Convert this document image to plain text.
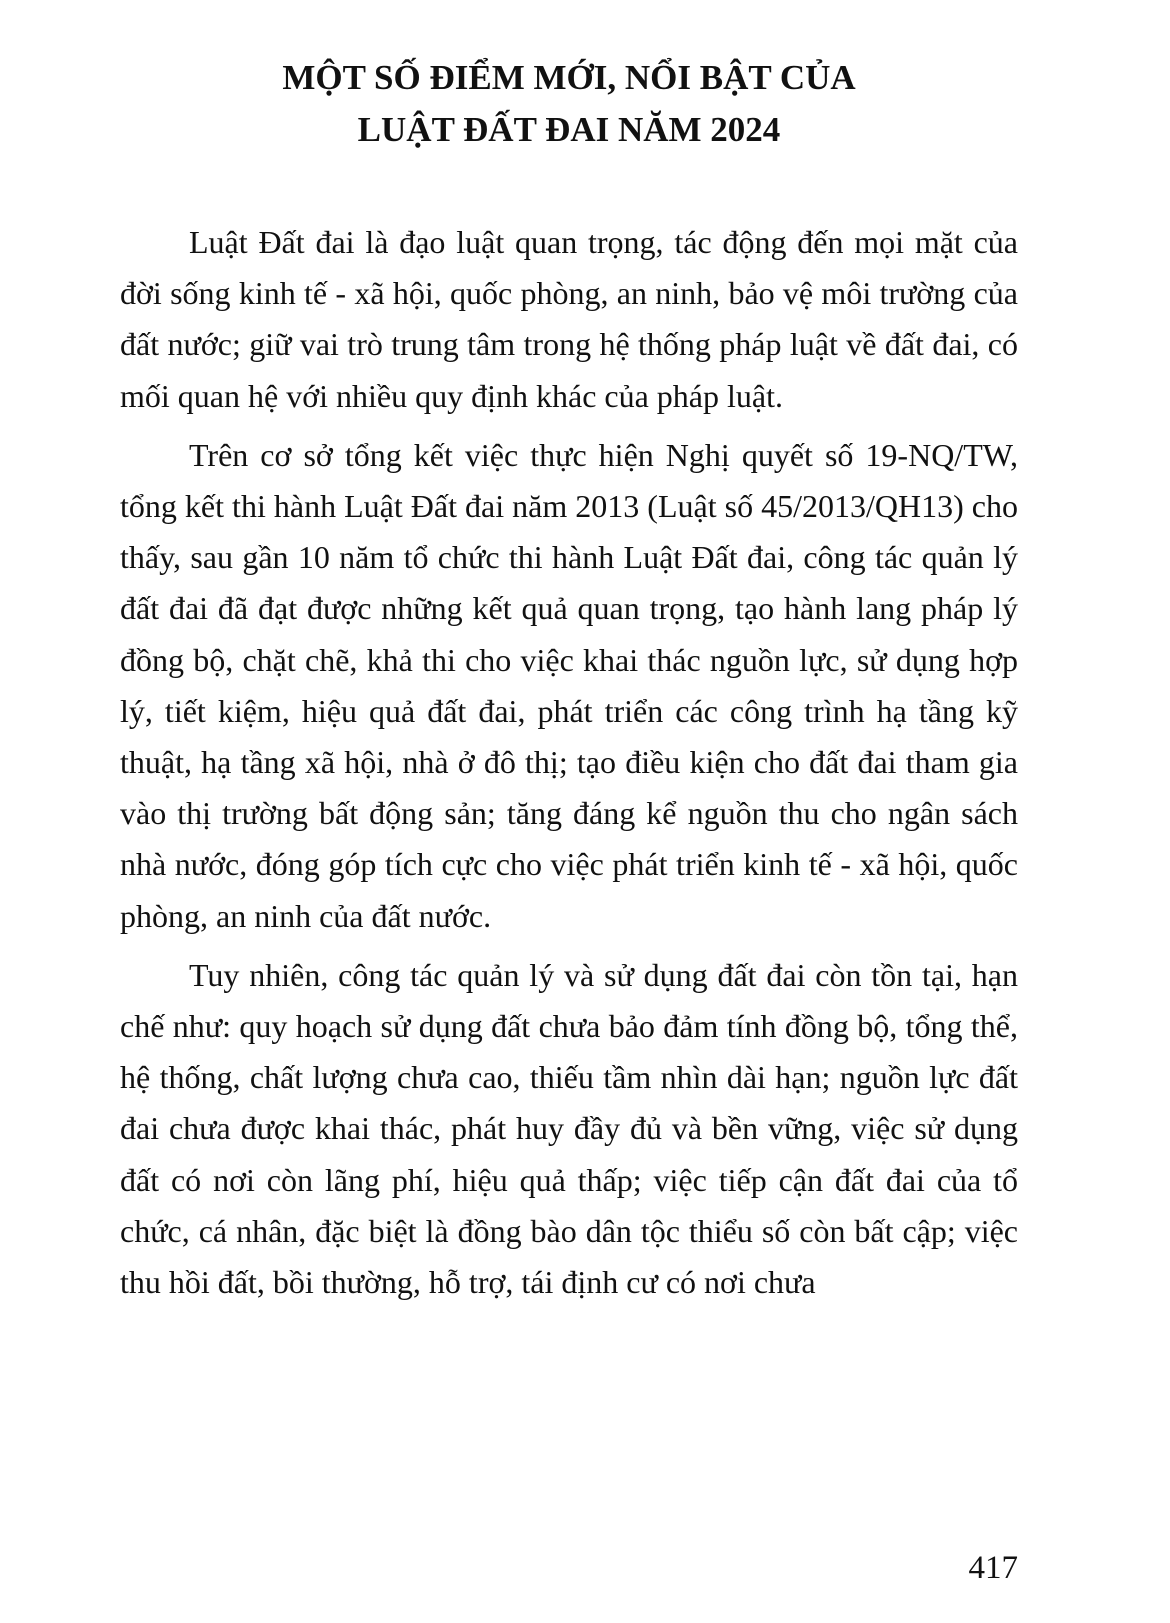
MỘT SỐ ĐIỂM MỚI, NỔI BẬT CỦA
LUẬT ĐẤT ĐAI NĂM 2024

Luật Đất đai là đạo luật quan trọng, tác động đến mọi mặt của đời sống kinh tế - xã hội, quốc phòng, an ninh, bảo vệ môi trường của đất nước; giữ vai trò trung tâm trong hệ thống pháp luật về đất đai, có mối quan hệ với nhiều quy định khác của pháp luật.

Trên cơ sở tổng kết việc thực hiện Nghị quyết số 19-NQ/TW, tổng kết thi hành Luật Đất đai năm 2013 (Luật số 45/2013/QH13) cho thấy, sau gần 10 năm tổ chức thi hành Luật Đất đai, công tác quản lý đất đai đã đạt được những kết quả quan trọng, tạo hành lang pháp lý đồng bộ, chặt chẽ, khả thi cho việc khai thác nguồn lực, sử dụng hợp lý, tiết kiệm, hiệu quả đất đai, phát triển các công trình hạ tầng kỹ thuật, hạ tầng xã hội, nhà ở đô thị; tạo điều kiện cho đất đai tham gia vào thị trường bất động sản; tăng đáng kể nguồn thu cho ngân sách nhà nước, đóng góp tích cực cho việc phát triển kinh tế - xã hội, quốc phòng, an ninh của đất nước.

Tuy nhiên, công tác quản lý và sử dụng đất đai còn tồn tại, hạn chế như: quy hoạch sử dụng đất chưa bảo đảm tính đồng bộ, tổng thể, hệ thống, chất lượng chưa cao, thiếu tầm nhìn dài hạn; nguồn lực đất đai chưa được khai thác, phát huy đầy đủ và bền vững, việc sử dụng đất có nơi còn lãng phí, hiệu quả thấp; việc tiếp cận đất đai của tổ chức, cá nhân, đặc biệt là đồng bào dân tộc thiểu số còn bất cập; việc thu hồi đất, bồi thường, hỗ trợ, tái định cư có nơi chưa

417
